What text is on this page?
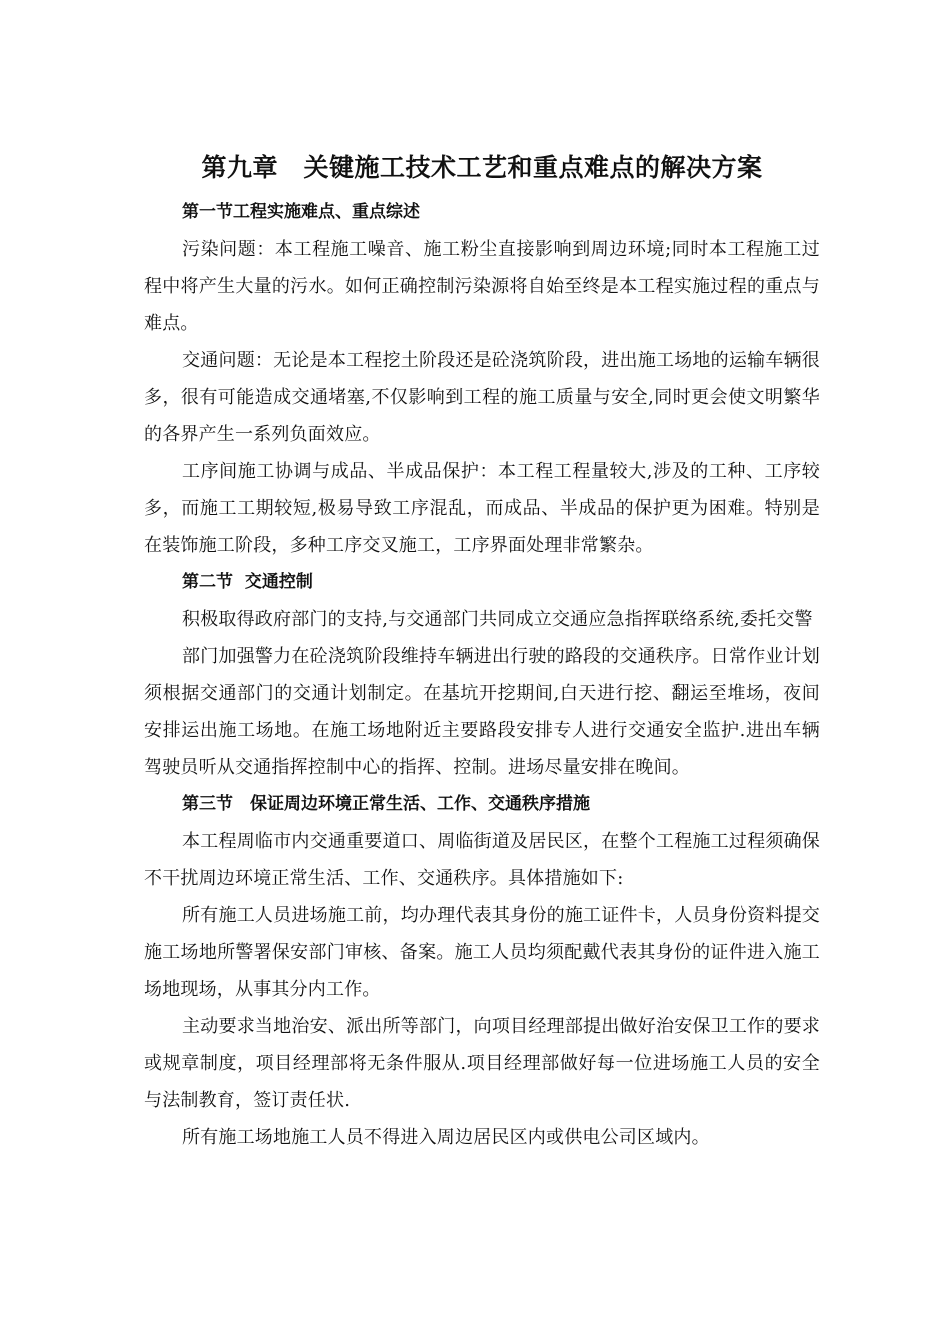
第九章　关键施工技术工艺和重点难点的解决方案
第一节工程实施难点、重点综述

污染问题：本工程施工噪音、施工粉尘直接影响到周边环境;同时本工程施工过程中将产生大量的污水。如何正确控制污染源将自始至终是本工程实施过程的重点与难点。

交通问题：无论是本工程挖土阶段还是砼浇筑阶段，进出施工场地的运输车辆很多，很有可能造成交通堵塞,不仅影响到工程的施工质量与安全,同时更会使文明繁华的各界产生一系列负面效应。

工序间施工协调与成品、半成品保护：本工程工程量较大,涉及的工种、工序较多，而施工工期较短,极易导致工序混乱，而成品、半成品的保护更为困难。特别是在装饰施工阶段，多种工序交叉施工，工序界面处理非常繁杂。

第二节  交通控制

积极取得政府部门的支持,与交通部门共同成立交通应急指挥联络系统,委托交警

部门加强警力在砼浇筑阶段维持车辆进出行驶的路段的交通秩序。日常作业计划须根据交通部门的交通计划制定。在基坑开挖期间,白天进行挖、翻运至堆场，夜间安排运出施工场地。在施工场地附近主要路段安排专人进行交通安全监护.进出车辆驾驶员听从交通指挥控制中心的指挥、控制。进场尽量安排在晚间。

第三节　保证周边环境正常生活、工作、交通秩序措施

本工程周临市内交通重要道口、周临街道及居民区，在整个工程施工过程须确保不干扰周边环境正常生活、工作、交通秩序。具体措施如下:

所有施工人员进场施工前，均办理代表其身份的施工证件卡，人员身份资料提交施工场地所警署保安部门审核、备案。施工人员均须配戴代表其身份的证件进入施工场地现场，从事其分内工作。

主动要求当地治安、派出所等部门，向项目经理部提出做好治安保卫工作的要求或规章制度，项目经理部将无条件服从.项目经理部做好每一位进场施工人员的安全与法制教育，签订责任状.

所有施工场地施工人员不得进入周边居民区内或供电公司区域内。
